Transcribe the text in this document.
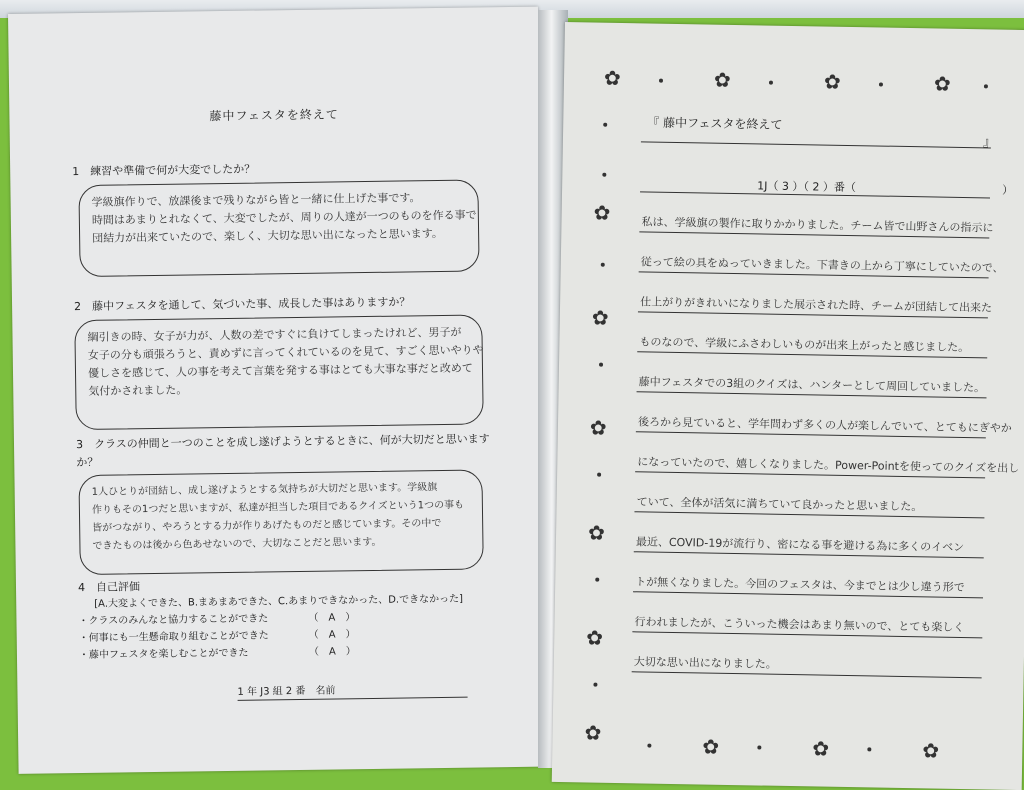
藤中フェスタを終えて
1　練習や準備で何が大変でしたか？
学級旗作りで、放課後まで残りながら皆と一緒に仕上げた事です。
時間はあまりとれなくて、大変でしたが、周りの人達が一つのものを作る事で
団結力が出来ていたので、楽しく、大切な思い出になったと思います。
2　藤中フェスタを通して、気づいた事、成長した事はありますか？
綱引きの時、女子が力が、人数の差ですぐに負けてしまったけれど、男子が
女子の分も頑張ろうと、責めずに言ってくれているのを見て、すごく思いやりや
優しさを感じて、人の事を考えて言葉を発する事はとても大事な事だと改めて
気付かされました。
3　クラスの仲間と一つのことを成し遂げようとするときに、何が大切だと思いますか？
1人ひとりが団結し、成し遂げようとする気持ちが大切だと思います。学級旗
作りもその1つだと思いますが、私達が担当した項目であるクイズという1つの事も
皆がつながり、やろうとする力が作りあげたものだと感じています。その中で
できたものは後から色あせないので、大切なことだと思います。
4　自己評価
[A.大変よくできた、B.まあまあできた、C.あまりできなかった、D.できなかった]
・クラスのみんなと協力することができた	（　A　）
・何事にも一生懸命取り組むことができた	（　A　）
・藤中フェスタを楽しむことができた	（　A　）
1 年 J3 組 2 番　名前
『 藤中フェスタを終えて
』
1J（ 3 ）（ 2 ）番（	）
私は、学級旗の製作に取りかかりました。チーム皆で山野さんの指示に
従って絵の具をぬっていきました。下書きの上から丁寧にしていたので、
仕上がりがきれいになりました展示された時、チームが団結して出来た
ものなので、学級にふさわしいものが出来上がったと感じました。
藤中フェスタでの3組のクイズは、ハンターとして周回していました。
後ろから見ていると、学年問わず多くの人が楽しんでいて、とてもにぎやか
になっていたので、嬉しくなりました。Power-Pointを使ってのクイズを出し
ていて、全体が活気に満ちていて良かったと思いました。
最近、COVID-19が流行り、密になる事を避ける為に多くのイベン
トが無くなりました。今回のフェスタは、今までとは少し違う形で
行われましたが、こういった機会はあまり無いので、とても楽しく
大切な思い出になりました。
✿	✿	✿	✿
✿
✿
✿
✿
✿
✿
✿	✿	✿
